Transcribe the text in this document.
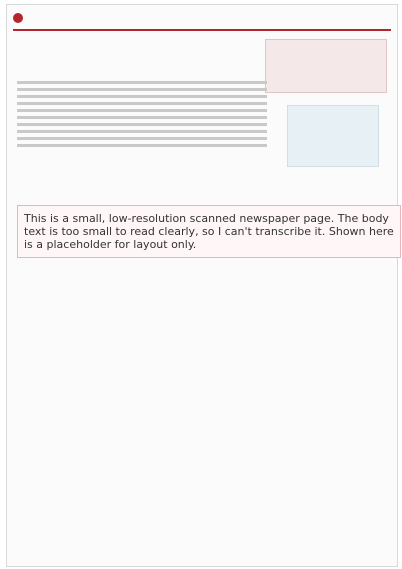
This is a small, low-resolution scanned newspaper page. The body text is too small to read clearly, so I can't transcribe it. Shown here is a placeholder for layout only.
